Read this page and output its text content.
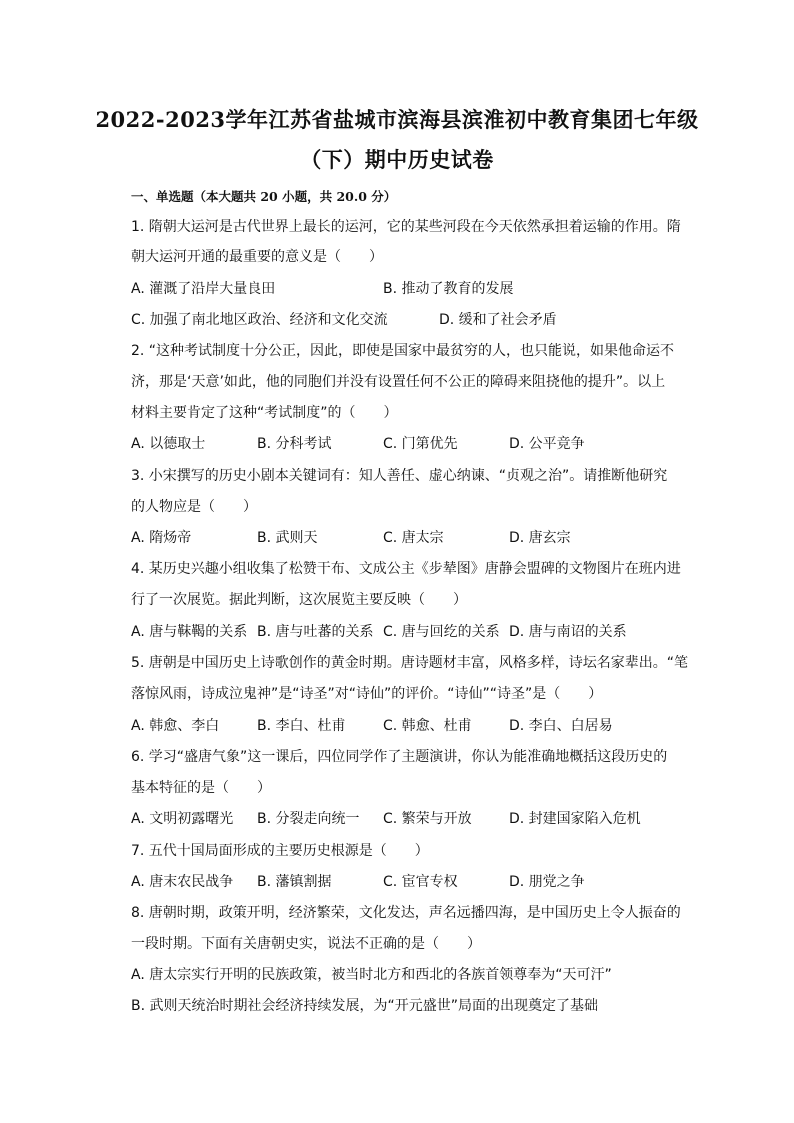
2022-2023学年江苏省盐城市滨海县滨淮初中教育集团七年级
（下）期中历史试卷
一、单选题（本大题共 20 小题，共 20.0 分）
1. 隋朝大运河是古代世界上最长的运河，它的某些河段在今天依然承担着运输的作用。隋
朝大运河开通的最重要的意义是（　　）
A. 灌溉了沿岸大量良田	B. 推动了教育的发展
C. 加强了南北地区政治、经济和文化交流	D. 缓和了社会矛盾
2. “这种考试制度十分公正，因此，即使是国家中最贫穷的人，也只能说，如果他命运不
济，那是‘天意’如此，他的同胞们并没有设置任何不公正的障碍来阻挠他的提升”。以上
材料主要肯定了这种“考试制度”的（　　）
A. 以德取士	B. 分科考试	C. 门第优先	D. 公平竞争
3. 小宋撰写的历史小剧本关键词有：知人善任、虚心纳谏、“贞观之治”。请推断他研究
的人物应是（　　）
A. 隋炀帝	B. 武则天	C. 唐太宗	D. 唐玄宗
4. 某历史兴趣小组收集了松赞干布、文成公主《步辇图》唐静会盟碑的文物图片在班内进
行了一次展览。据此判断，这次展览主要反映（　　）
A. 唐与靺鞨的关系 B. 唐与吐蕃的关系 C. 唐与回纥的关系 D. 唐与南诏的关系
5. 唐朝是中国历史上诗歌创作的黄金时期。唐诗题材丰富，风格多样，诗坛名家辈出。“笔
落惊风雨，诗成泣鬼神”是“诗圣”对“诗仙”的评价。“诗仙”“诗圣”是（　　）
A. 韩愈、李白	B. 李白、杜甫	C. 韩愈、杜甫	D. 李白、白居易
6. 学习“盛唐气象”这一课后，四位同学作了主题演讲，你认为能准确地概括这段历史的
基本特征的是（　　）
A. 文明初露曙光 B. 分裂走向统一 C. 繁荣与开放	D. 封建国家陷入危机
7. 五代十国局面形成的主要历史根源是（　　）
A. 唐末农民战争 B. 藩镇割据	C. 宦官专权	D. 朋党之争
8. 唐朝时期，政策开明，经济繁荣，文化发达，声名远播四海，是中国历史上令人振奋的
一段时期。下面有关唐朝史实，说法不正确的是（　　）
A. 唐太宗实行开明的民族政策，被当时北方和西北的各族首领尊奉为“天可汗”
B. 武则天统治时期社会经济持续发展，为“开元盛世”局面的出现奠定了基础
